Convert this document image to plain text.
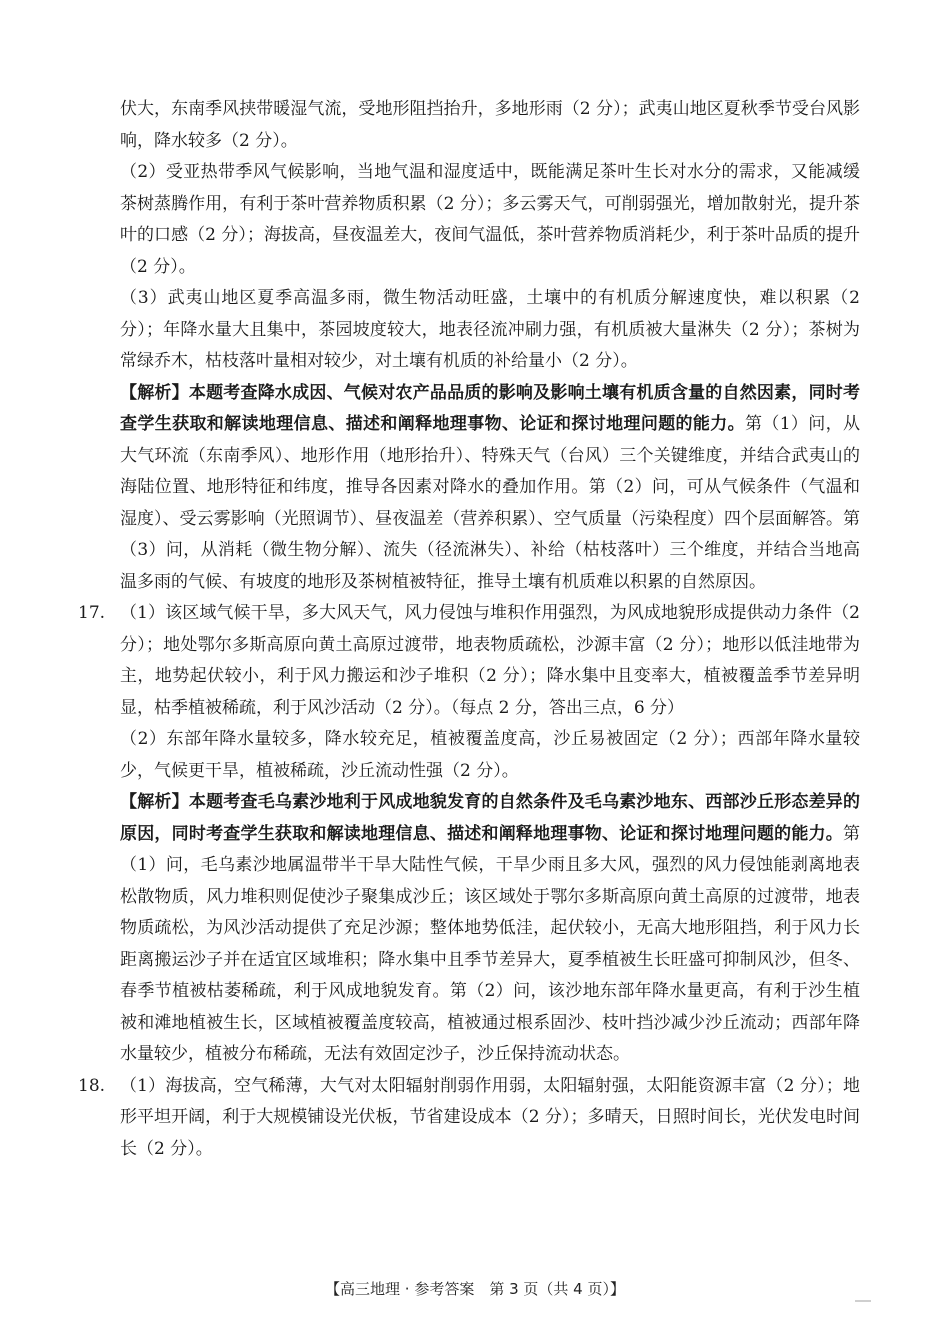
伏大，东南季风挟带暖湿气流，受地形阻挡抬升，多地形雨（2 分）；武夷山地区夏秋季节受台风影响，降水较多（2 分）。

（2）受亚热带季风气候影响，当地气温和湿度适中，既能满足茶叶生长对水分的需求，又能减缓茶树蒸腾作用，有利于茶叶营养物质积累（2 分）；多云雾天气，可削弱强光，增加散射光，提升茶叶的口感（2 分）；海拔高，昼夜温差大，夜间气温低，茶叶营养物质消耗少，利于茶叶品质的提升（2 分）。

（3）武夷山地区夏季高温多雨，微生物活动旺盛，土壤中的有机质分解速度快，难以积累（2 分）；年降水量大且集中，茶园坡度较大，地表径流冲刷力强，有机质被大量淋失（2 分）；茶树为常绿乔木，枯枝落叶量相对较少，对土壤有机质的补给量小（2 分）。

【解析】本题考查降水成因、气候对农产品品质的影响及影响土壤有机质含量的自然因素，同时考查学生获取和解读地理信息、描述和阐释地理事物、论证和探讨地理问题的能力。第（1）问，从大气环流（东南季风）、地形作用（地形抬升）、特殊天气（台风）三个关键维度，并结合武夷山的海陆位置、地形特征和纬度，推导各因素对降水的叠加作用。第（2）问，可从气候条件（气温和湿度）、受云雾影响（光照调节）、昼夜温差（营养积累）、空气质量（污染程度）四个层面解答。第（3）问，从消耗（微生物分解）、流失（径流淋失）、补给（枯枝落叶）三个维度，并结合当地高温多雨的气候、有坡度的地形及茶树植被特征，推导土壤有机质难以积累的自然原因。

17. （1）该区域气候干旱，多大风天气，风力侵蚀与堆积作用强烈，为风成地貌形成提供动力条件（2 分）；地处鄂尔多斯高原向黄土高原过渡带，地表物质疏松，沙源丰富（2 分）；地形以低洼地带为主，地势起伏较小，利于风力搬运和沙子堆积（2 分）；降水集中且变率大，植被覆盖季节差异明显，枯季植被稀疏，利于风沙活动（2 分）。（每点 2 分，答出三点，6 分）

（2）东部年降水量较多，降水较充足，植被覆盖度高，沙丘易被固定（2 分）；西部年降水量较少，气候更干旱，植被稀疏，沙丘流动性强（2 分）。

【解析】本题考查毛乌素沙地利于风成地貌发育的自然条件及毛乌素沙地东、西部沙丘形态差异的原因，同时考查学生获取和解读地理信息、描述和阐释地理事物、论证和探讨地理问题的能力。第（1）问，毛乌素沙地属温带半干旱大陆性气候，干旱少雨且多大风，强烈的风力侵蚀能剥离地表松散物质，风力堆积则促使沙子聚集成沙丘；该区域处于鄂尔多斯高原向黄土高原的过渡带，地表物质疏松，为风沙活动提供了充足沙源；整体地势低洼，起伏较小，无高大地形阻挡，利于风力长距离搬运沙子并在适宜区域堆积；降水集中且季节差异大，夏季植被生长旺盛可抑制风沙，但冬、春季节植被枯萎稀疏，利于风成地貌发育。第（2）问，该沙地东部年降水量更高，有利于沙生植被和滩地植被生长，区域植被覆盖度较高，植被通过根系固沙、枝叶挡沙减少沙丘流动；西部年降水量较少，植被分布稀疏，无法有效固定沙子，沙丘保持流动状态。

18. （1）海拔高，空气稀薄，大气对太阳辐射削弱作用弱，太阳辐射强，太阳能资源丰富（2 分）；地形平坦开阔，利于大规模铺设光伏板，节省建设成本（2 分）；多晴天，日照时间长，光伏发电时间长（2 分）。

【高三地理 · 参考答案　第 3 页（共 4 页）】
